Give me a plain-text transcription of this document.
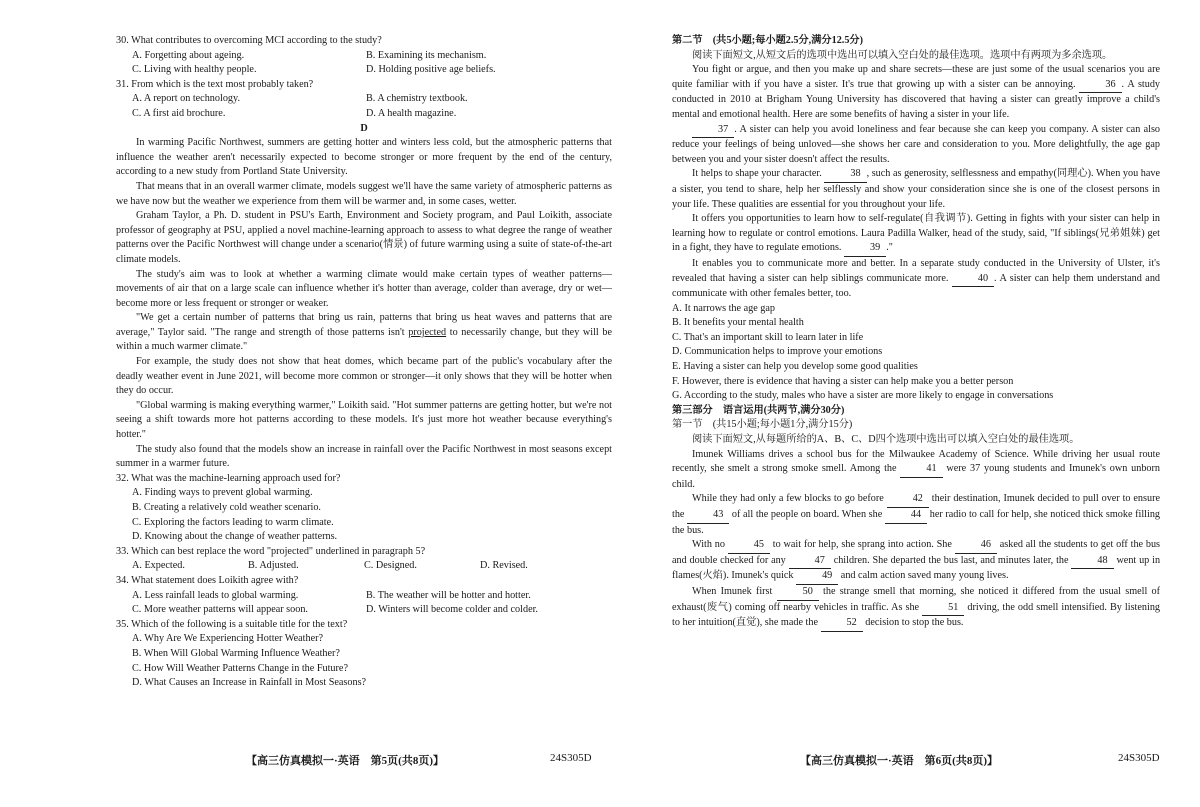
30. What contributes to overcoming MCI according to the study?
A. Forgetting about ageing.	B. Examining its mechanism.
C. Living with healthy people.	D. Holding positive age beliefs.
31. From which is the text most probably taken?
A. A report on technology.	B. A chemistry textbook.
C. A first aid brochure.	D. A health magazine.
D
In warming Pacific Northwest, summers are getting hotter and winters less cold, but the atmospheric patterns that influence the weather aren't necessarily expected to become stronger or more frequent by the end of the century, according to a new study from Portland State University.
That means that in an overall warmer climate, models suggest we'll have the same variety of atmospheric patterns as we have now but the weather we experience from them will be warmer and, in some cases, wetter.
Graham Taylor, a Ph. D. student in PSU's Earth, Environment and Society program, and Paul Loikith, associate professor of geography at PSU, applied a novel machine-learning approach to assess to what degree the range of weather patterns over the Pacific Northwest will change under a scenario(情景) of future warming using a suite of state-of-the-art climate models.
The study's aim was to look at whether a warming climate would make certain types of weather patterns—movements of air that on a large scale can influence whether it's hotter than average, colder than average, dry or wet—become more or less frequent or stronger or weaker.
"We get a certain number of patterns that bring us rain, patterns that bring us heat waves and patterns that are average," Taylor said. "The range and strength of those patterns isn't projected to necessarily change, but they will be within a much warmer climate."
For example, the study does not show that heat domes, which became part of the public's vocabulary after the deadly weather event in June 2021, will become more common or stronger—it only shows that they will be hotter when they do occur.
"Global warming is making everything warmer," Loikith said. "Hot summer patterns are getting hotter, but we're not seeing a shift towards more hot patterns according to these models. It's just more hot weather because everything's hotter."
The study also found that the models show an increase in rainfall over the Pacific Northwest in most seasons except summer in a warmer future.
32. What was the machine-learning approach used for?
A. Finding ways to prevent global warming.
B. Creating a relatively cold weather scenario.
C. Exploring the factors leading to warm climate.
D. Knowing about the change of weather patterns.
33. Which can best replace the word "projected" underlined in paragraph 5?
A. Expected.	B. Adjusted.	C. Designed.	D. Revised.
34. What statement does Loikith agree with?
A. Less rainfall leads to global warming.	B. The weather will be hotter and hotter.
C. More weather patterns will appear soon.	D. Winters will become colder and colder.
35. Which of the following is a suitable title for the text?
A. Why Are We Experiencing Hotter Weather?
B. When Will Global Warming Influence Weather?
C. How Will Weather Patterns Change in the Future?
D. What Causes an Increase in Rainfall in Most Seasons?
第二节　(共5小题;每小题2.5分,满分12.5分)
阅读下面短文,从短文后的选项中选出可以填入空白处的最佳选项。选项中有两项为多余选项。
You fight or argue, and then you make up and share secrets—these are just some of the usual scenarios you are quite familiar with if you have a sister. It's true that growing up with a sister can be annoying.	36 . A study conducted in 2010 at Brigham Young University has discovered that having a sister can greatly improve a child's mental and emotional health. Here are some benefits of having a sister in your life.
37 . A sister can help you avoid loneliness and fear because she can keep you company. A sister can also reduce your feelings of being unloved—she shows her care and consideration to you. More delightfully, the age gap between you and your sister doesn't affect the results.
It helps to shape your character.	38 , such as generosity, selflessness and empathy(同理心). When you have a sister, you tend to share, help her selflessly and show your consideration since she is one of the closest persons in your life. These qualities are essential for you throughout your life.
It offers you opportunities to learn how to self-regulate(自我调节). Getting in fights with your sister can help in learning how to regulate or control emotions. Laura Padilla Walker, head of the study, said, "If siblings(兄弟姐妹) get in a fight, they have to regulate emotions.	39 ."
It enables you to communicate more and better. In a separate study conducted in the University of Ulster, it's revealed that having a sister can help siblings communicate more.	40 . A sister can help them understand and communicate with other females better, too.
A. It narrows the age gap
B. It benefits your mental health
C. That's an important skill to learn later in life
D. Communication helps to improve your emotions
E. Having a sister can help you develop some good qualities
F. However, there is evidence that having a sister can help make you a better person
G. According to the study, males who have a sister are more likely to engage in conversations
第三部分　语言运用(共两节,满分30分)
第一节　(共15小题;每小题1分,满分15分)
阅读下面短文,从每题所给的A、B、C、D四个选项中选出可以填入空白处的最佳选项。
Imunek Williams drives a school bus for the Milwaukee Academy of Science. While driving her usual route recently, she smelt a strong smoke smell. Among the	41 were 37 young students and Imunek's own unborn child.
While they had only a few blocks to go before	42 their destination, Imunek decided to pull over to ensure the	43 of all the people on board. When she	44 her radio to call for help, she noticed thick smoke filling the bus.
With no	45 to wait for help, she sprang into action. She	46 asked all the students to get off the bus and double checked for any	47 children. She departed the bus last, and minutes later, the	48 went up in flames(火焰). Imunek's quick	49 and calm action saved many young lives.
When Imunek first	50 the strange smell that morning, she noticed it differed from the usual smell of exhaust(废气) coming off nearby vehicles in traffic. As she	51 driving, the odd smell intensified. By listening to her intuition(直觉), she made the	52 decision to stop the bus.
【高三仿真模拟一·英语　第5页(共8页)】	24S305D	【高三仿真模拟一·英语　第6页(共8页)】	24S305D
